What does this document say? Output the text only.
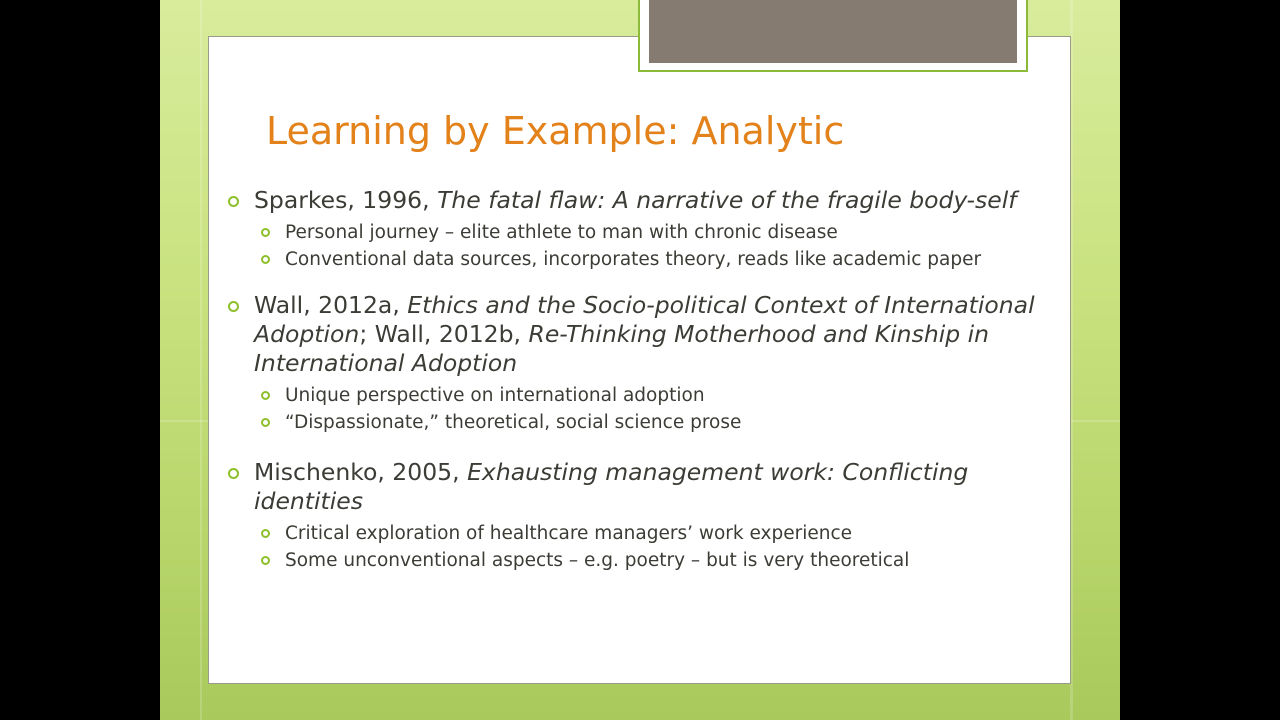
Learning by Example: Analytic
Sparkes, 1996, The fatal flaw: A narrative of the fragile body-self
Personal journey – elite athlete to man with chronic disease
Conventional data sources, incorporates theory, reads like academic paper
Wall, 2012a, Ethics and the Socio-political Context of International Adoption; Wall, 2012b, Re-Thinking Motherhood and Kinship in International Adoption
Unique perspective on international adoption
“Dispassionate,” theoretical, social science prose
Mischenko, 2005, Exhausting management work: Conflicting identities
Critical exploration of healthcare managers’ work experience
Some unconventional aspects – e.g. poetry – but is very theoretical
